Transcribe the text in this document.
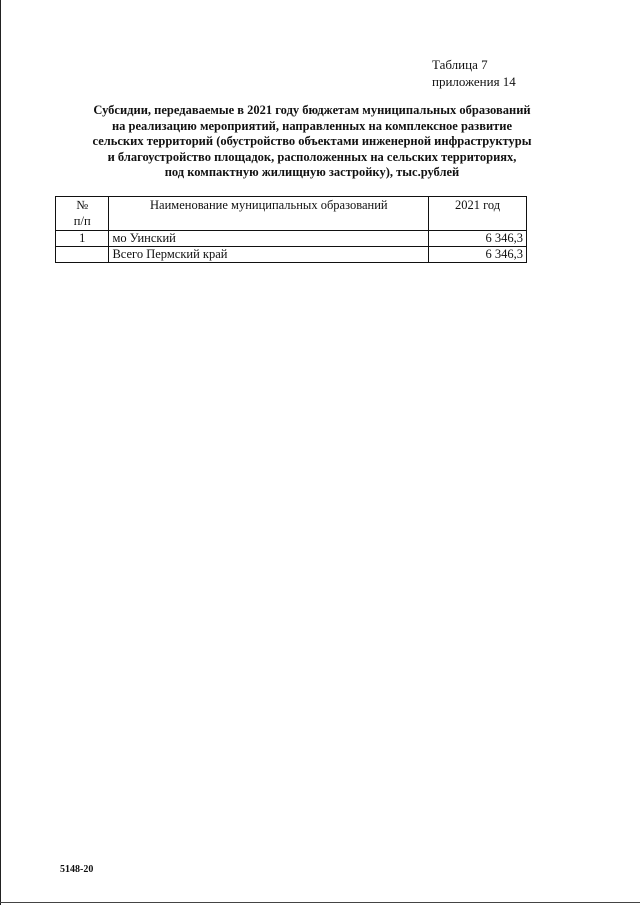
Таблица 7
приложения 14
Субсидии, передаваемые в 2021 году бюджетам муниципальных образований
на реализацию мероприятий, направленных на комплексное развитие
сельских территорий (обустройство объектами инженерной инфраструктуры
и благоустройство площадок, расположенных на сельских территориях,
под компактную жилищную застройку), тыс.рублей
№
п/п	Наименование муниципальных образований	2021 год
1	мо Уинский	6 346,3
	Всего Пермский край	6 346,3
5148-20
